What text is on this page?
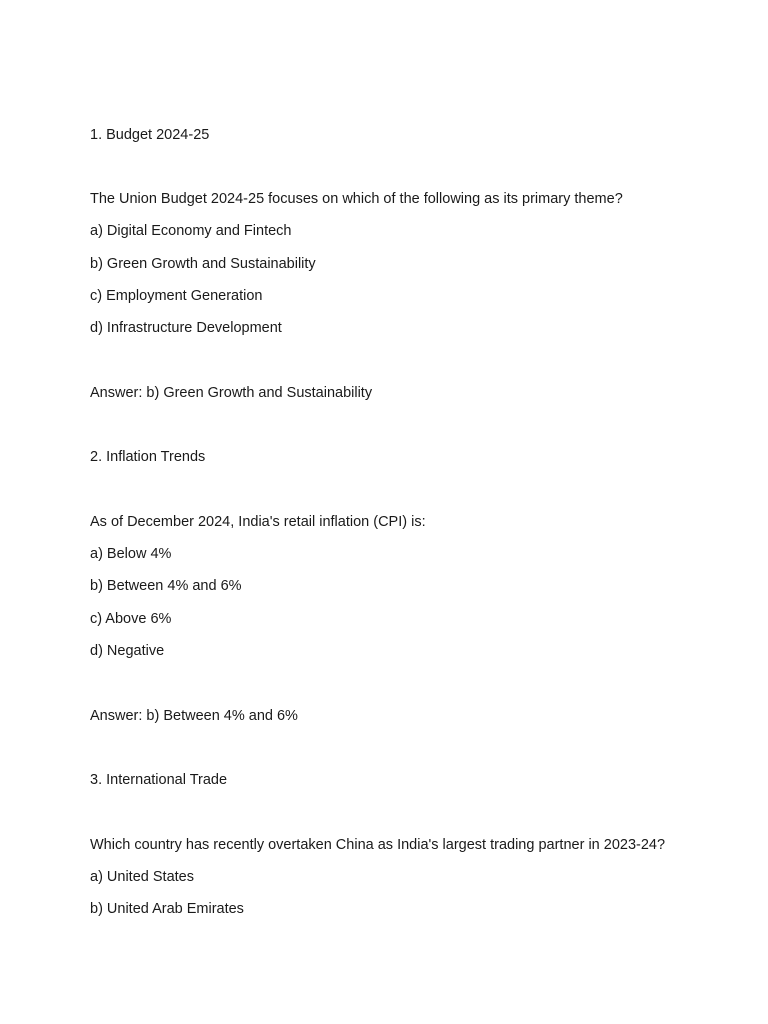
1. Budget 2024-25

The Union Budget 2024-25 focuses on which of the following as its primary theme?

a) Digital Economy and Fintech

b) Green Growth and Sustainability

c) Employment Generation

d) Infrastructure Development

Answer: b) Green Growth and Sustainability

2. Inflation Trends

As of December 2024, India's retail inflation (CPI) is:

a) Below 4%

b) Between 4% and 6%

c) Above 6%

d) Negative

Answer: b) Between 4% and 6%

3. International Trade

Which country has recently overtaken China as India's largest trading partner in 2023-24?

a) United States

b) United Arab Emirates
